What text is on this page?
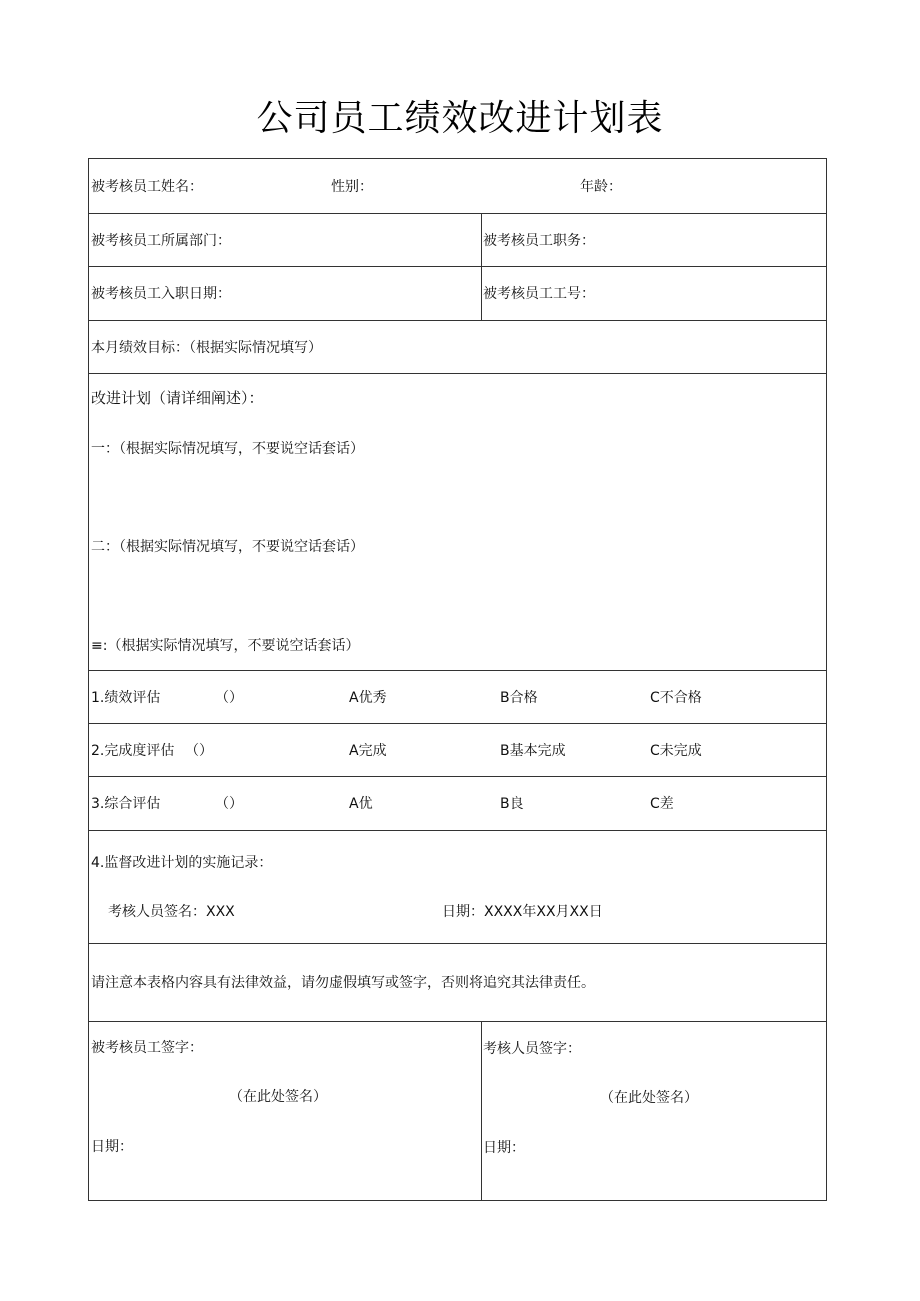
公司员工绩效改进计划表
被考核员工姓名：	性别：	年龄：
被考核员工所属部门：	被考核员工职务：
被考核员工入职日期：	被考核员工工号：
本月绩效目标：（根据实际情况填写）
改进计划（请详细阐述）：
一：（根据实际情况填写，不要说空话套话）
二：（根据实际情况填写，不要说空话套话）
≡:（根据实际情况填写，不要说空话套话）
1.绩效评估	（）	A优秀	B合格	C不合格
2.完成度评估 （）	A完成	B基本完成	C未完成
3.综合评估	（）	A优	B良	C差
4.监督改进计划的实施记录：
考核人员签名：XXX	日期：XXXX年XX月XX日
请注意本表格内容具有法律效益，请勿虚假填写或签字，否则将追究其法律责任。
被考核员工签字：
（在此处签名）
日期：
考核人员签字：
（在此处签名）
日期：
